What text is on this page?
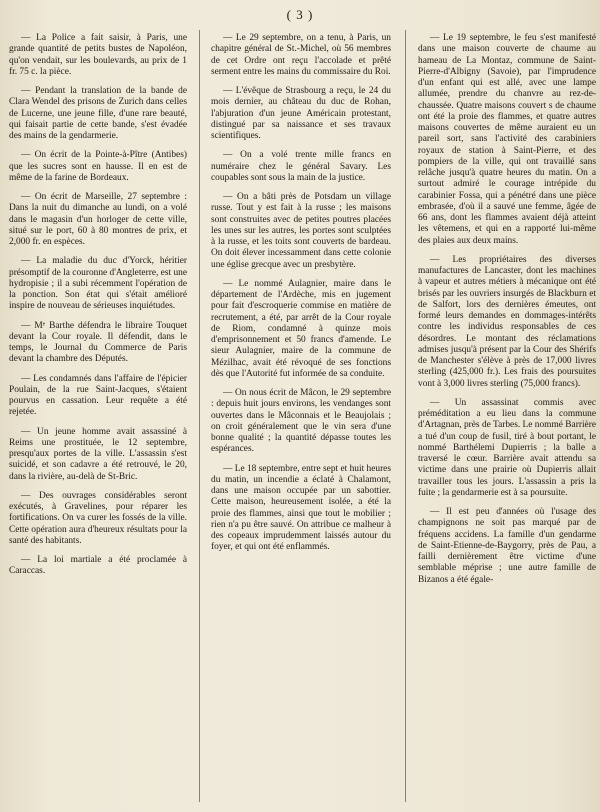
( 3 )

— La Police a fait saisir, à Paris, une grande quantité de petits bustes de Napoléon, qu'on vendait, sur les boulevards, au prix de 1 fr. 75 c. la pièce.

— Pendant la translation de la bande de Clara Wendel des prisons de Zurich dans celles de Lucerne, une jeune fille, d'une rare beauté, qui faisait partie de cette bande, s'est évadée des mains de la gendarmerie.

— On écrit de la Pointe-à-Pître (Antibes) que les sucres sont en hausse. Il en est de même de la farine de Bordeaux.

— On écrit de Marseille, 27 septembre : Dans la nuit du dimanche au lundi, on a volé dans le magasin d'un horloger de cette ville, situé sur le port, 60 à 80 montres de prix, et 2,000 fr. en espèces.

— La maladie du duc d'Yorck, héritier présomptif de la couronne d'Angleterre, est une hydropisie ; il a subi récemment l'opération de la ponction. Son état qui s'était amélioré inspire de nouveau de sérieuses inquiétudes.

— Mᵉ Barthe défendra le libraire Touquet devant la Cour royale. Il défendit, dans le temps, le Journal du Commerce de Paris devant la chambre des Députés.

— Les condamnés dans l'affaire de l'épicier Poulain, de la rue Saint-Jacques, s'étaient pourvus en cassation. Leur requête a été rejetée.

— Un jeune homme avait assassiné à Reims une prostituée, le 12 septembre, presqu'aux portes de la ville. L'assassin s'est suicidé, et son cadavre a été retrouvé, le 20, dans la rivière, au-delà de St-Bric.

— Des ouvrages considérables seront exécutés, à Gravelines, pour réparer les fortifications. On va curer les fossés de la ville. Cette opération aura d'heureux résultats pour la santé des habitants.

— La loi martiale a été proclamée à Caraccas.

— Le 29 septembre, on a tenu, à Paris, un chapitre général de St.-Michel, où 56 membres de cet Ordre ont reçu l'accolade et prêté serment entre les mains du commissaire du Roi.

— L'évêque de Strasbourg a reçu, le 24 du mois dernier, au château du duc de Rohan, l'abjuration d'un jeune Américain protestant, distingué par sa naissance et ses travaux scientifiques.

— On a volé trente mille francs en numéraire chez le général Savary. Les coupables sont sous la main de la justice.

— On a bâti près de Potsdam un village russe. Tout y est fait à la russe ; les maisons sont construites avec de petites poutres placées les unes sur les autres, les portes sont sculptées à la russe, et les toits sont couverts de bardeau. On doit élever incessamment dans cette colonie une église grecque avec un presbytère.

— Le nommé Aulagnier, maire dans le département de l'Ardèche, mis en jugement pour fait d'escroquerie commise en matière de recrutement, a été, par arrêt de la Cour royale de Riom, condamné à quinze mois d'emprisonnement et 50 francs d'amende. Le sieur Aulagnier, maire de la commune de Mézilhac, avait été révoqué de ses fonctions dès que l'Autorité fut informée de sa conduite.

— On nous écrit de Mâcon, le 29 septembre : depuis huit jours environs, les vendanges sont ouvertes dans le Mâconnais et le Beaujolais ; on croit généralement que le vin sera d'une bonne qualité ; la quantité dépasse toutes les espérances.

— Le 18 septembre, entre sept et huit heures du matin, un incendie a éclaté à Chalamont, dans une maison occupée par un sabottier. Cette maison, heureusement isolée, a été la proie des flammes, ainsi que tout le mobilier ; rien n'a pu être sauvé. On attribue ce malheur à des copeaux imprudemment laissés autour du foyer, et qui ont été enflammés.

— Le 19 septembre, le feu s'est manifesté dans une maison couverte de chaume au hameau de La Montaz, commune de Saint-Pierre-d'Albigny (Savoie), par l'imprudence d'un enfant qui est allé, avec une lampe allumée, prendre du chanvre au rez-de-chaussée. Quatre maisons couvert s de chaume ont été la proie des flammes, et quatre autres maisons couvertes de même auraient eu un pareil sort, sans l'activité des carabiniers royaux de station à Saint-Pierre, et des pompiers de la ville, qui ont travaillé sans relâche jusqu'à quatre heures du matin. On a surtout admiré le courage intrépide du carabinier Fossa, qui a pénétré dans une pièce embrasée, d'où il a sauvé une femme, âgée de 66 ans, dont les flammes avaient déjà atteint les vêtemens, et qui en a rapporté lui-même des plaies aux deux mains.

— Les propriétaires des diverses manufactures de Lancaster, dont les machines à vapeur et autres métiers à mécanique ont été brisés par les ouvriers insurgés de Blackburn et de Salfort, lors des dernières émeutes, ont formé leurs demandes en dommages-intérêts contre les individus responsables de ces désordres. Le montant des réclamations admises jusqu'à présent par la Cour des Shérifs de Manchester s'élève à près de 17,000 livres sterling (425,000 fr.). Les frais des poursuites vont à 3,000 livres sterling (75,000 francs).

— Un assassinat commis avec préméditation a eu lieu dans la commune d'Artagnan, près de Tarbes. Le nommé Barrière a tué d'un coup de fusil, tiré à bout portant, le nommé Barthélemi Dupierris ; la balle a traversé le cœur. Barrière avait attendu sa victime dans une prairie où Dupierris allait travailler tous les jours. L'assassin a pris la fuite ; la gendarmerie est à sa poursuite.

— Il est peu d'années où l'usage des champignons ne soit pas marqué par de fréquens accidens. La famille d'un gendarme de Saint-Etienne-de-Baygorry, près de Pau, a failli dernièrement être victime d'une semblable méprise ; une autre famille de Bizanos a été égale-
